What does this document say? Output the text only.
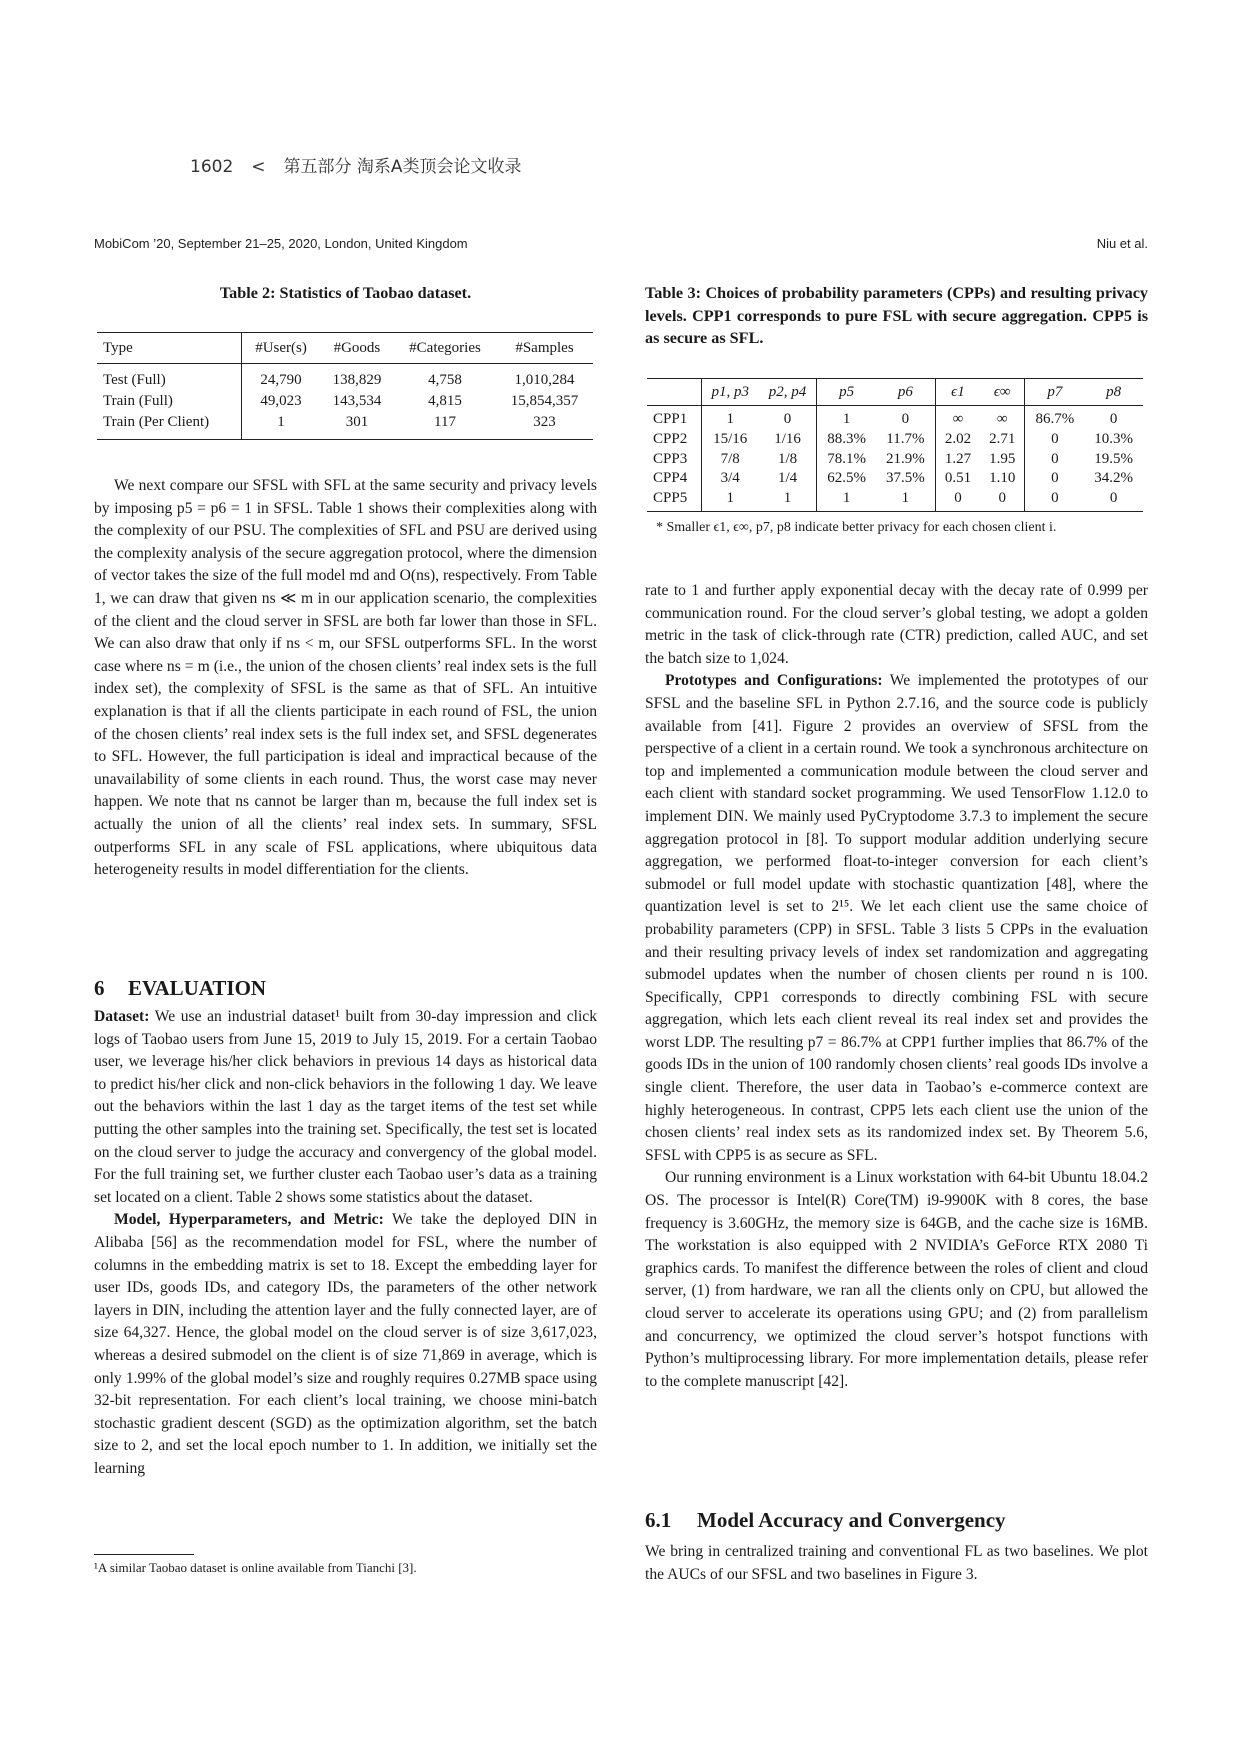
1602 < 第五部分 淘系A类顶会论文收录
MobiCom ’20, September 21–25, 2020, London, United Kingdom	Niu et al.
Table 2: Statistics of Taobao dataset.
Type	#User(s)	#Goods	#Categories	#Samples
Test (Full)	24,790	138,829	4,758	1,010,284
Train (Full)	49,023	143,534	4,815	15,854,357
Train (Per Client)	1	301	117	323
Table 3: Choices of probability parameters (CPPs) and resulting privacy levels. CPP1 corresponds to pure FSL with secure aggregation. CPP5 is as secure as SFL.
	p1, p3	p2, p4	p5	p6	ϵ1	ϵ∞	p7	p8
CPP1	1	0	1	0	∞	∞	86.7%	0
CPP2	15/16	1/16	88.3%	11.7%	2.02	2.71	0	10.3%
CPP3	7/8	1/8	78.1%	21.9%	1.27	1.95	0	19.5%
CPP4	3/4	1/4	62.5%	37.5%	0.51	1.10	0	34.2%
CPP5	1	1	1	1	0	0	0	0
* Smaller ϵ1, ϵ∞, p7, p8 indicate better privacy for each chosen client i.

We next compare our SFSL with SFL at the same security and privacy levels by imposing p5 = p6 = 1 in SFSL. Table 1 shows their complexities along with the complexity of our PSU. The complexities of SFL and PSU are derived using the complexity analysis of the secure aggregation protocol, where the dimension of vector takes the size of the full model md and O(ns), respectively. From Table 1, we can draw that given ns ≪ m in our application scenario, the complexities of the client and the cloud server in SFSL are both far lower than those in SFL. We can also draw that only if ns < m, our SFSL outperforms SFL. In the worst case where ns = m (i.e., the union of the chosen clients’ real index sets is the full index set), the complexity of SFSL is the same as that of SFL. An intuitive explanation is that if all the clients participate in each round of FSL, the union of the chosen clients’ real index sets is the full index set, and SFSL degenerates to SFL. However, the full participation is ideal and impractical because of the unavailability of some clients in each round. Thus, the worst case may never happen. We note that ns cannot be larger than m, because the full index set is actually the union of all the clients’ real index sets. In summary, SFSL outperforms SFL in any scale of FSL applications, where ubiquitous data heterogeneity results in model differentiation for the clients.

6 EVALUATION

Dataset: We use an industrial dataset¹ built from 30-day impression and click logs of Taobao users from June 15, 2019 to July 15, 2019. For a certain Taobao user, we leverage his/her click behaviors in previous 14 days as historical data to predict his/her click and non-click behaviors in the following 1 day. We leave out the behaviors within the last 1 day as the target items of the test set while putting the other samples into the training set. Specifically, the test set is located on the cloud server to judge the accuracy and convergency of the global model. For the full training set, we further cluster each Taobao user’s data as a training set located on a client. Table 2 shows some statistics about the dataset.

Model, Hyperparameters, and Metric: We take the deployed DIN in Alibaba [56] as the recommendation model for FSL, where the number of columns in the embedding matrix is set to 18. Except the embedding layer for user IDs, goods IDs, and category IDs, the parameters of the other network layers in DIN, including the attention layer and the fully connected layer, are of size 64,327. Hence, the global model on the cloud server is of size 3,617,023, whereas a desired submodel on the client is of size 71,869 in average, which is only 1.99% of the global model’s size and roughly requires 0.27MB space using 32-bit representation. For each client’s local training, we choose mini-batch stochastic gradient descent (SGD) as the optimization algorithm, set the batch size to 2, and set the local epoch number to 1. In addition, we initially set the learning

¹A similar Taobao dataset is online available from Tianchi [3].

rate to 1 and further apply exponential decay with the decay rate of 0.999 per communication round. For the cloud server’s global testing, we adopt a golden metric in the task of click-through rate (CTR) prediction, called AUC, and set the batch size to 1,024.

Prototypes and Configurations: We implemented the prototypes of our SFSL and the baseline SFL in Python 2.7.16, and the source code is publicly available from [41]. Figure 2 provides an overview of SFSL from the perspective of a client in a certain round. We took a synchronous architecture on top and implemented a communication module between the cloud server and each client with standard socket programming. We used TensorFlow 1.12.0 to implement DIN. We mainly used PyCryptodome 3.7.3 to implement the secure aggregation protocol in [8]. To support modular addition underlying secure aggregation, we performed float-to-integer conversion for each client’s submodel or full model update with stochastic quantization [48], where the quantization level is set to 2¹⁵. We let each client use the same choice of probability parameters (CPP) in SFSL. Table 3 lists 5 CPPs in the evaluation and their resulting privacy levels of index set randomization and aggregating submodel updates when the number of chosen clients per round n is 100. Specifically, CPP1 corresponds to directly combining FSL with secure aggregation, which lets each client reveal its real index set and provides the worst LDP. The resulting p7 = 86.7% at CPP1 further implies that 86.7% of the goods IDs in the union of 100 randomly chosen clients’ real goods IDs involve a single client. Therefore, the user data in Taobao’s e-commerce context are highly heterogeneous. In contrast, CPP5 lets each client use the union of the chosen clients’ real index sets as its randomized index set. By Theorem 5.6, SFSL with CPP5 is as secure as SFL.

Our running environment is a Linux workstation with 64-bit Ubuntu 18.04.2 OS. The processor is Intel(R) Core(TM) i9-9900K with 8 cores, the base frequency is 3.60GHz, the memory size is 64GB, and the cache size is 16MB. The workstation is also equipped with 2 NVIDIA’s GeForce RTX 2080 Ti graphics cards. To manifest the difference between the roles of client and cloud server, (1) from hardware, we ran all the clients only on CPU, but allowed the cloud server to accelerate its operations using GPU; and (2) from parallelism and concurrency, we optimized the cloud server’s hotspot functions with Python’s multiprocessing library. For more implementation details, please refer to the complete manuscript [42].

6.1 Model Accuracy and Convergency

We bring in centralized training and conventional FL as two baselines. We plot the AUCs of our SFSL and two baselines in Figure 3.
